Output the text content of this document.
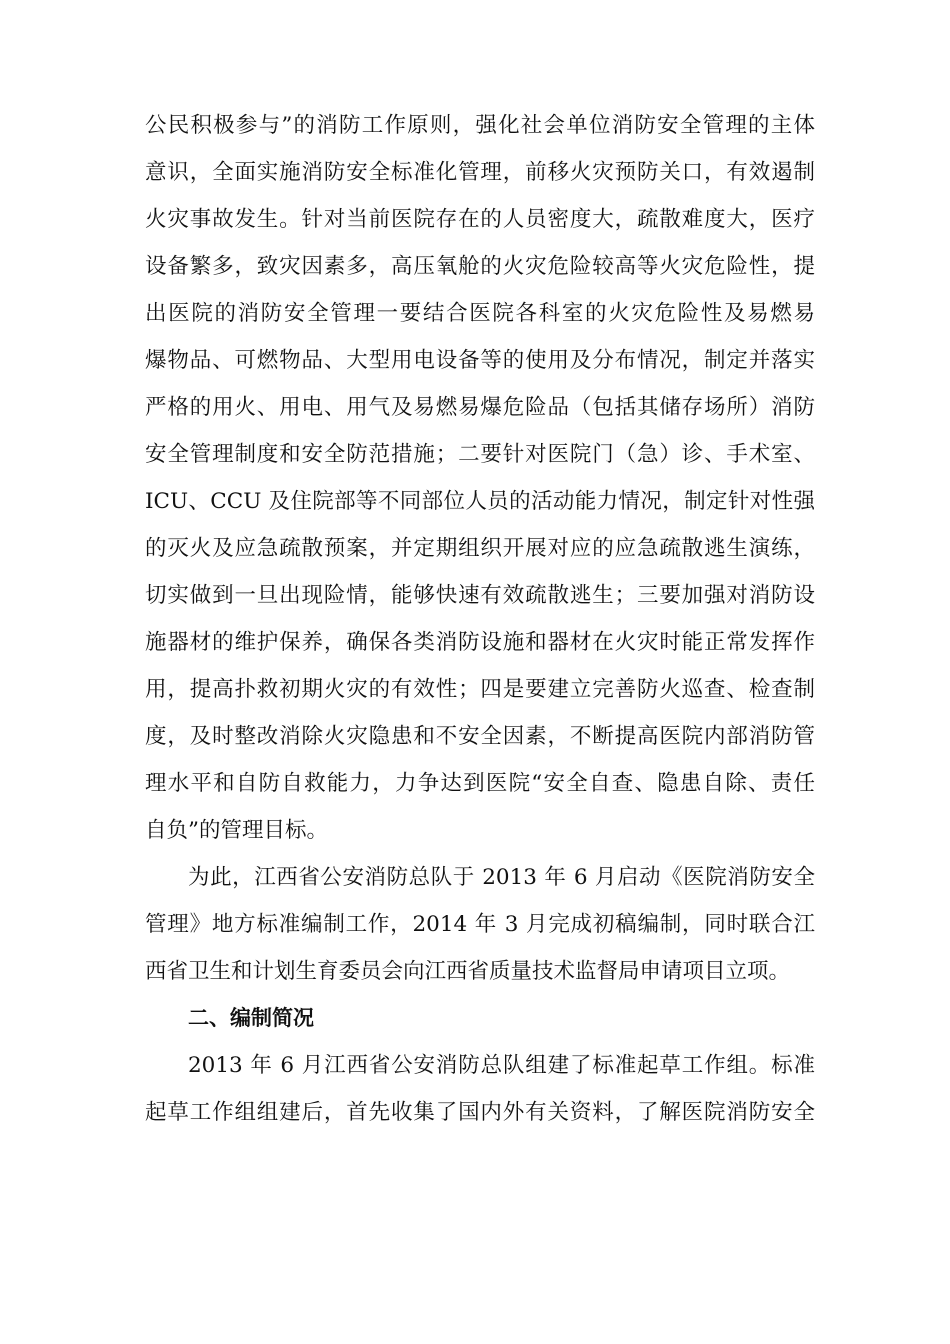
公民积极参与”的消防工作原则，强化社会单位消防安全管理的主体
意识，全面实施消防安全标准化管理，前移火灾预防关口，有效遏制
火灾事故发生。针对当前医院存在的人员密度大，疏散难度大，医疗
设备繁多，致灾因素多，高压氧舱的火灾危险较高等火灾危险性，提
出医院的消防安全管理一要结合医院各科室的火灾危险性及易燃易
爆物品、可燃物品、大型用电设备等的使用及分布情况，制定并落实
严格的用火、用电、用气及易燃易爆危险品（包括其储存场所）消防
安全管理制度和安全防范措施；二要针对医院门（急）诊、手术室、
ICU、CCU 及住院部等不同部位人员的活动能力情况，制定针对性强
的灭火及应急疏散预案，并定期组织开展对应的应急疏散逃生演练，
切实做到一旦出现险情，能够快速有效疏散逃生；三要加强对消防设
施器材的维护保养，确保各类消防设施和器材在火灾时能正常发挥作
用，提高扑救初期火灾的有效性；四是要建立完善防火巡查、检查制
度，及时整改消除火灾隐患和不安全因素，不断提高医院内部消防管
理水平和自防自救能力，力争达到医院“安全自查、隐患自除、责任
自负”的管理目标。
为此，江西省公安消防总队于 2013 年 6 月启动《医院消防安全
管理》地方标准编制工作，2014 年 3 月完成初稿编制，同时联合江
西省卫生和计划生育委员会向江西省质量技术监督局申请项目立项。
二、编制简况
2013 年 6 月江西省公安消防总队组建了标准起草工作组。标准
起草工作组组建后，首先收集了国内外有关资料，了解医院消防安全
